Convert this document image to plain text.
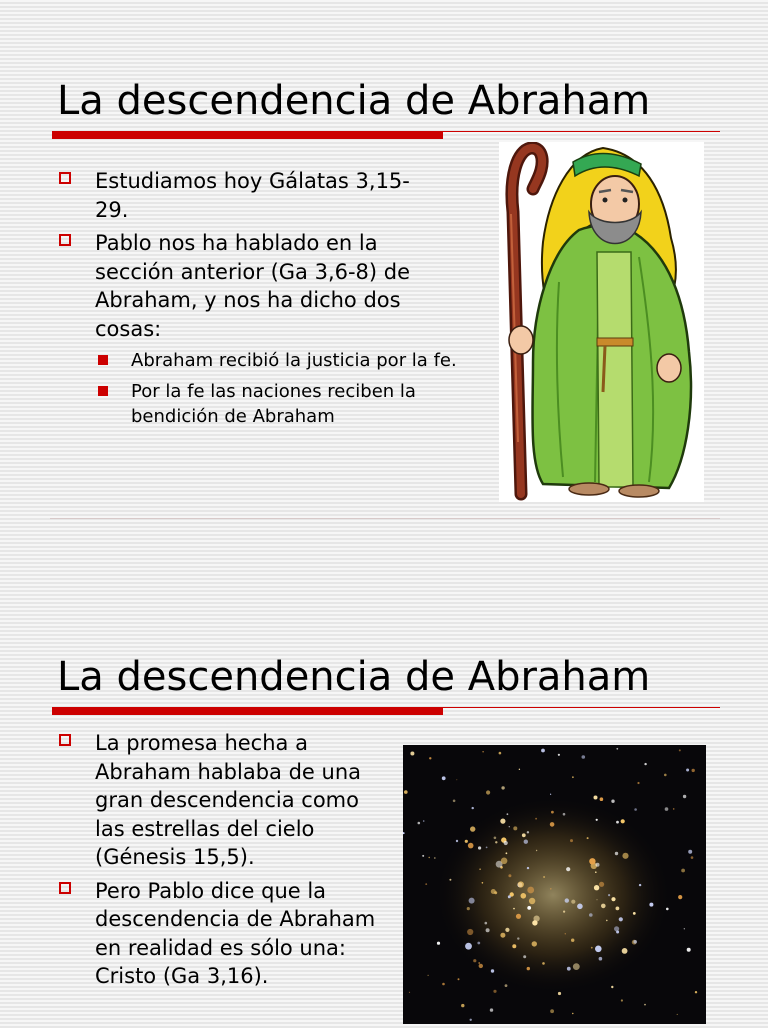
La descendencia de Abraham
Estudiamos hoy Gálatas 3,15-29.
Pablo nos ha hablado en la sección anterior (Ga 3,6-8) de Abraham, y nos ha dicho dos cosas:
Abraham recibió la justicia por la fe.
Por la fe las naciones reciben la bendición de Abraham
La descendencia de Abraham
La promesa hecha a Abraham hablaba de una gran descendencia como las estrellas del cielo (Génesis 15,5).
Pero Pablo dice que la descendencia de Abraham en realidad es sólo una: Cristo (Ga 3,16).
